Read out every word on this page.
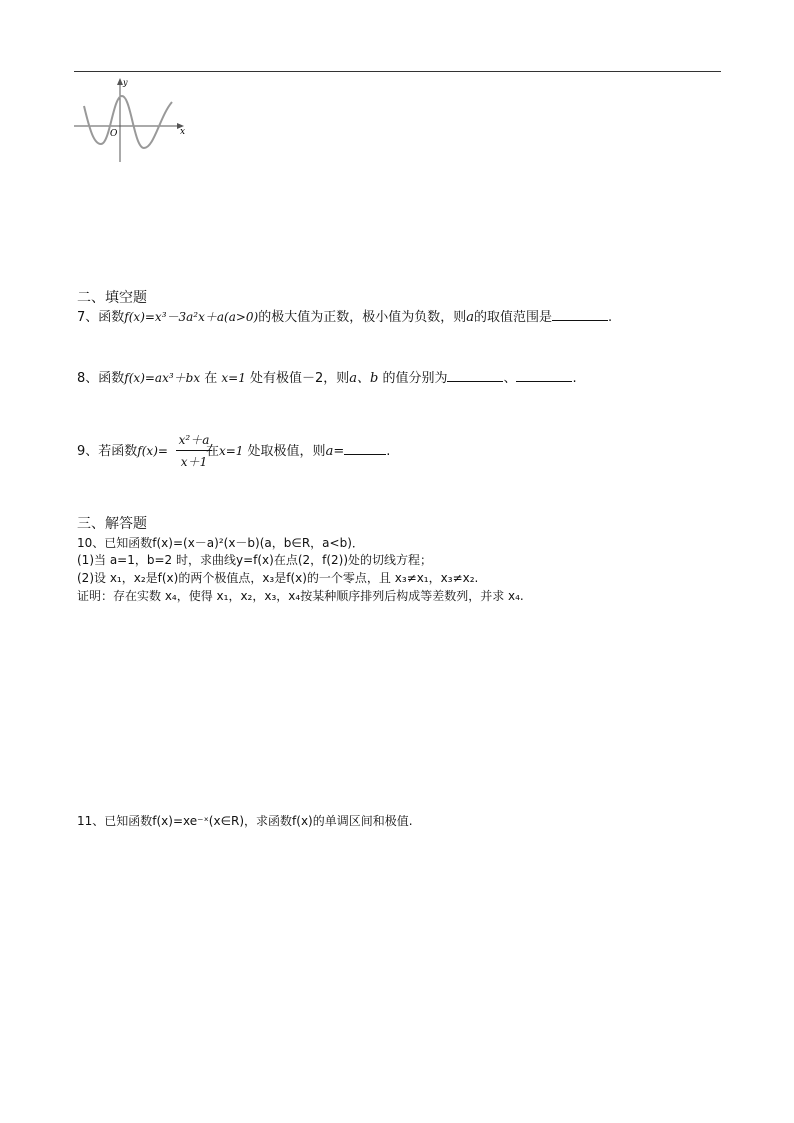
y
x
O
二、填空题
7、函数f(x)=x³－3a²x＋a(a>0)的极大值为正数，极小值为负数，则a的取值范围是	.
8、函数f(x)=ax³＋bx 在 x=1 处有极值－2，则a、b 的值分别为	、	.
$\frac{\text{x²＋a}}{x+1}$
9、若函数f(x)=	在x=1 处取极值，则a=	.
三、解答题
10、已知函数f(x)=(x－a)²(x－b)(a，b∈R，a<b)．
(1)当 a=1，b=2 时，求曲线y=f(x)在点(2，f(2))处的切线方程；
(2)设 x₁，x₂是f(x)的两个极值点，x₃是f(x)的一个零点，且 x₃≠x₁，x₃≠x₂.
证明：存在实数 x₄，使得 x₁，x₂，x₃，x₄按某种顺序排列后构成等差数列，并求 x₄.
11、已知函数f(x)=xe⁻ˣ(x∈R)，求函数f(x)的单调区间和极值.
